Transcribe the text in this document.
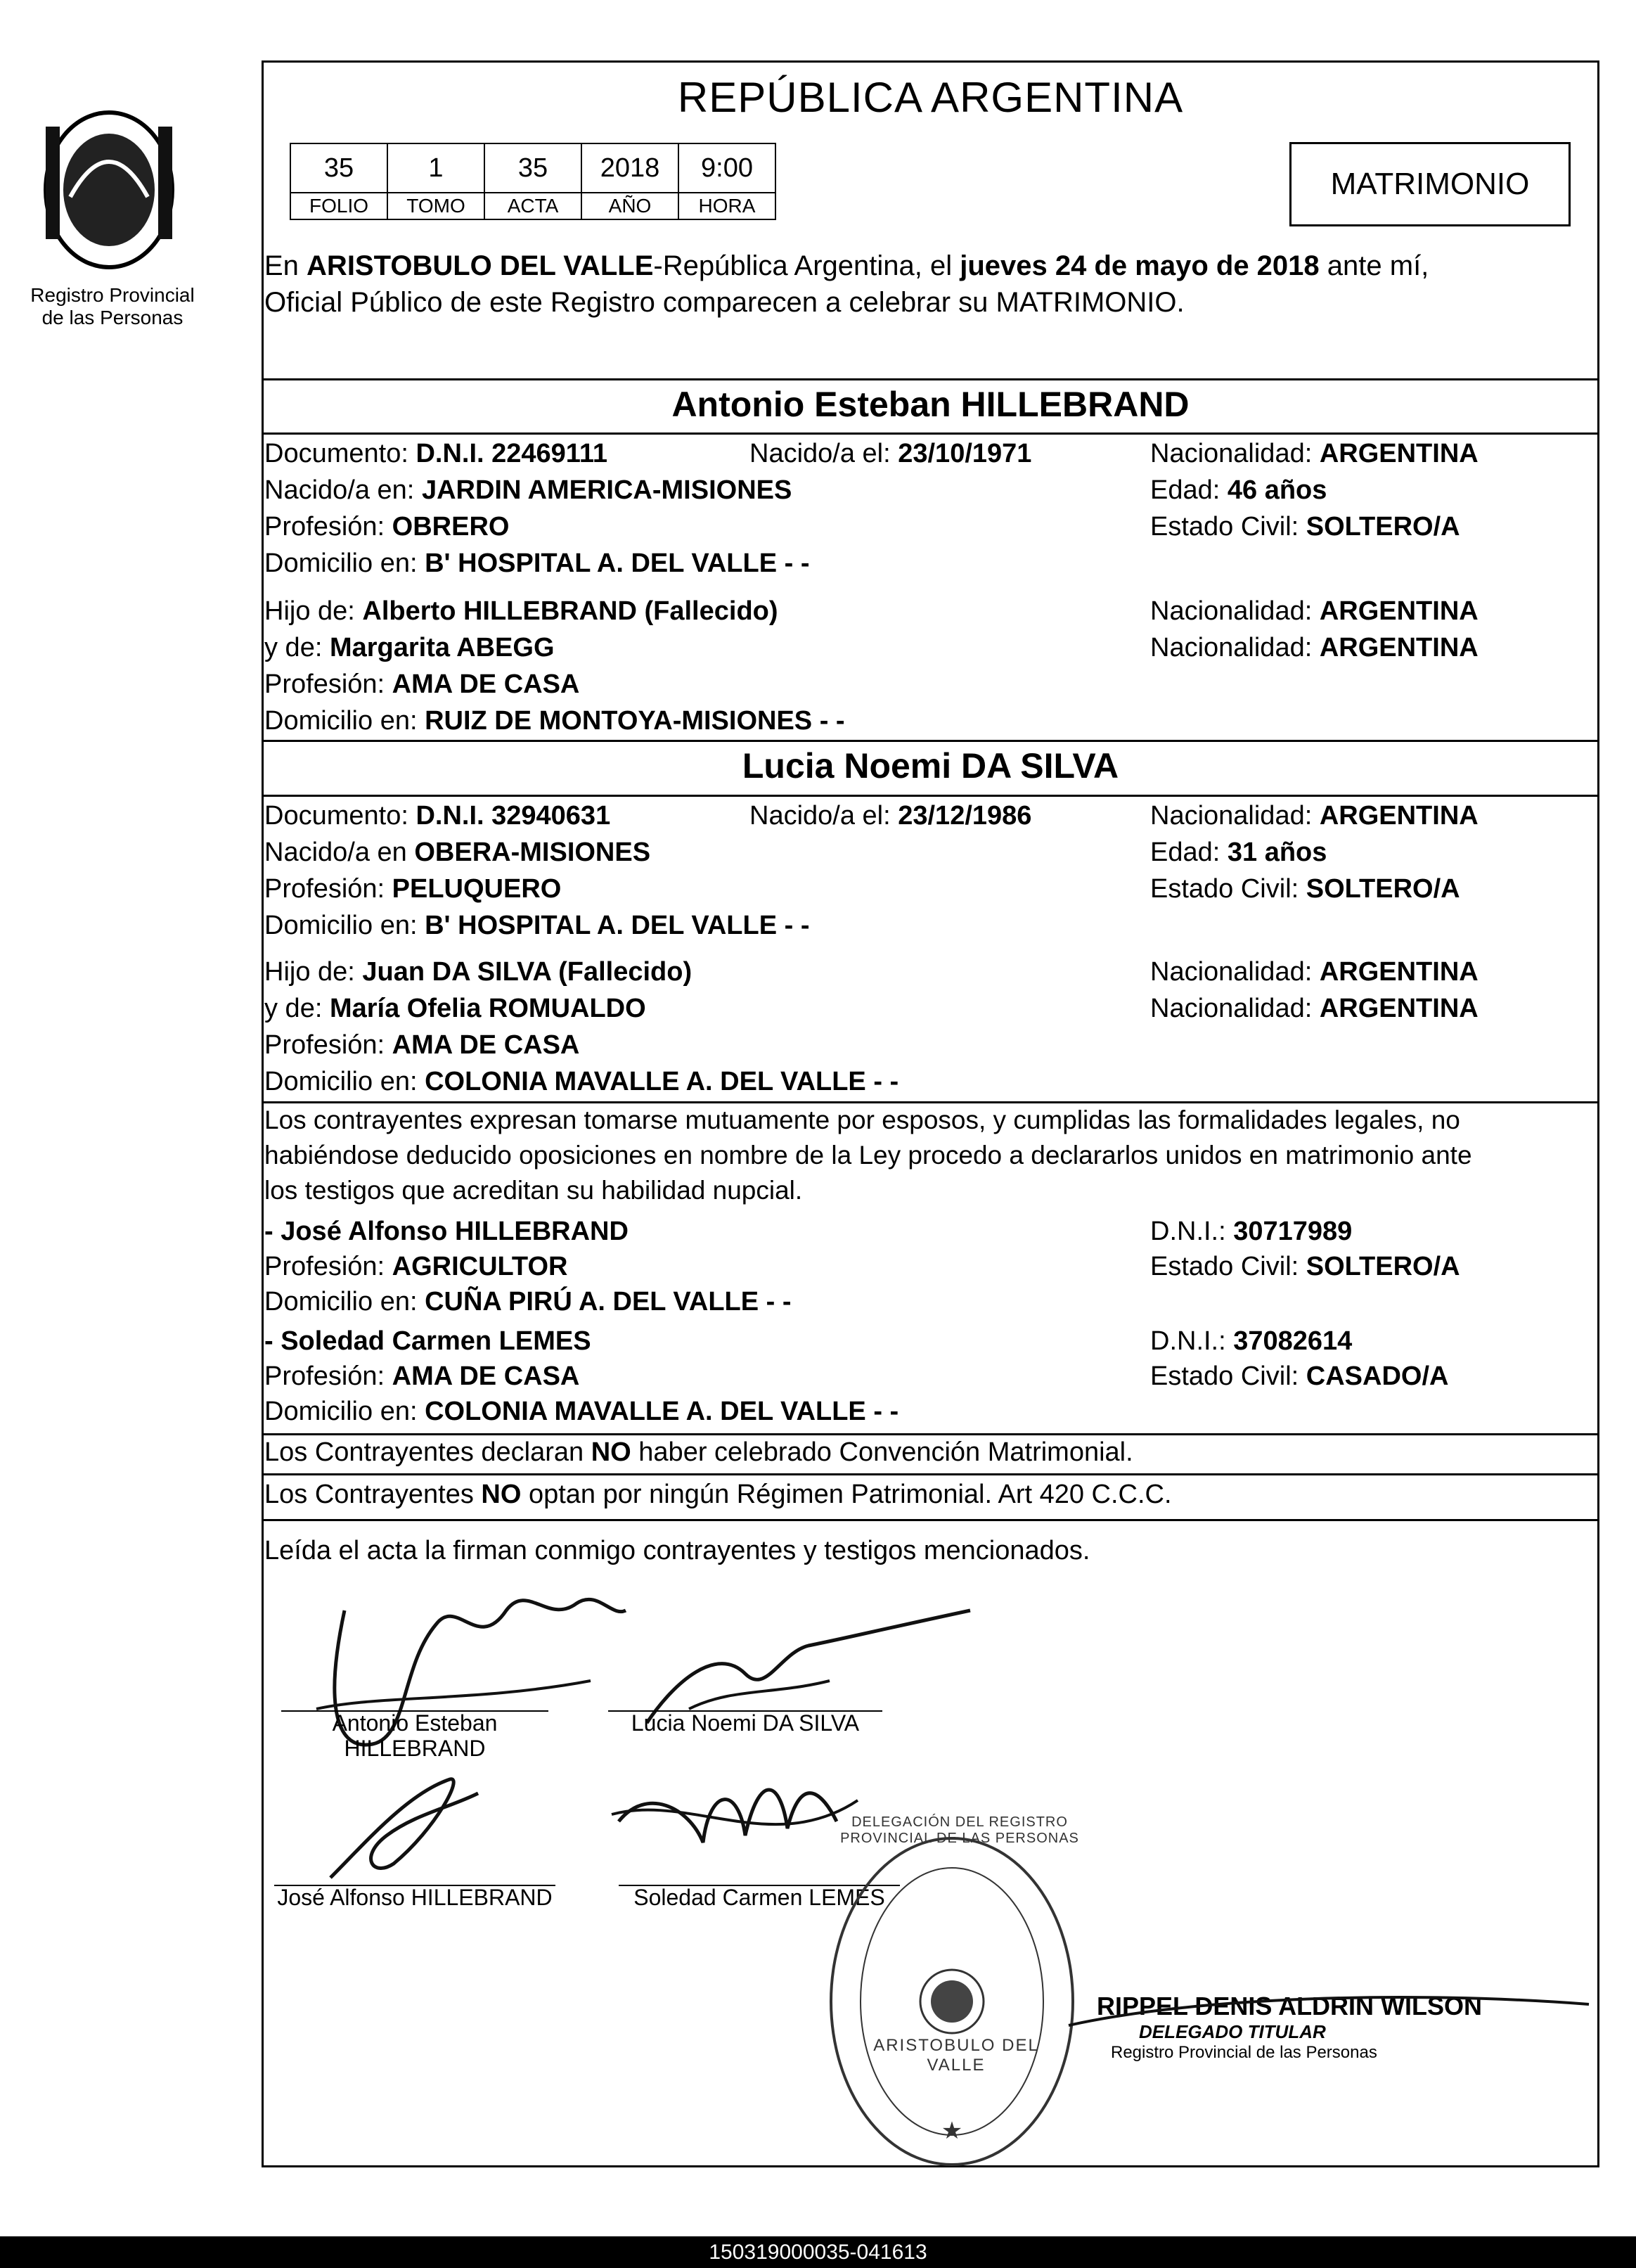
Registro Provincial
de las Personas
REPÚBLICA ARGENTINA
35	1	35	2018	9:00
FOLIO	TOMO	ACTA	AÑO	HORA
MATRIMONIO
En ARISTOBULO DEL VALLE-República Argentina, el jueves 24 de mayo de 2018 ante mí,
Oficial Público de este Registro comparecen a celebrar su MATRIMONIO.
Antonio Esteban HILLEBRAND
Documento: D.N.I. 22469111	Nacido/a el: 23/10/1971	Nacionalidad: ARGENTINA
Nacido/a en: JARDIN AMERICA-MISIONES	Edad: 46 años
Profesión: OBRERO	Estado Civil: SOLTERO/A
Domicilio en: B' HOSPITAL A. DEL VALLE - -
Hijo de: Alberto HILLEBRAND (Fallecido)	Nacionalidad: ARGENTINA
y de: Margarita ABEGG	Nacionalidad: ARGENTINA
Profesión: AMA DE CASA
Domicilio en: RUIZ DE MONTOYA-MISIONES - -
Lucia Noemi DA SILVA
Documento: D.N.I. 32940631	Nacido/a el: 23/12/1986	Nacionalidad: ARGENTINA
Nacido/a en OBERA-MISIONES	Edad: 31 años
Profesión: PELUQUERO	Estado Civil: SOLTERO/A
Domicilio en: B' HOSPITAL A. DEL VALLE - -
Hijo de: Juan DA SILVA (Fallecido)	Nacionalidad: ARGENTINA
y de: María Ofelia ROMUALDO	Nacionalidad: ARGENTINA
Profesión: AMA DE CASA
Domicilio en: COLONIA MAVALLE A. DEL VALLE - -
Los contrayentes expresan tomarse mutuamente por esposos, y cumplidas las formalidades legales, no
habiéndose deducido oposiciones en nombre de la Ley procedo a declararlos unidos en matrimonio ante
los testigos que acreditan su habilidad nupcial.
- José Alfonso HILLEBRAND	D.N.I.: 30717989
Profesión: AGRICULTOR	Estado Civil: SOLTERO/A
Domicilio en: CUÑA PIRÚ A. DEL VALLE - -
- Soledad Carmen LEMES	D.N.I.: 37082614
Profesión: AMA DE CASA	Estado Civil: CASADO/A
Domicilio en: COLONIA MAVALLE A. DEL VALLE - -
Los Contrayentes declaran NO haber celebrado Convención Matrimonial.
Los Contrayentes NO optan por ningún Régimen Patrimonial. Art 420 C.C.C.
Leída el acta la firman conmigo contrayentes y testigos mencionados.
Antonio Esteban
HILLEBRAND
Lucia Noemi DA SILVA
José Alfonso HILLEBRAND	Soledad Carmen LEMES
★
DELEGACIÓN DEL REGISTRO PROVINCIAL DE LAS PERSONAS
ARISTOBULO DEL VALLE
RIPPEL DENIS ALDRIN WILSON
DELEGADO TITULAR
Registro Provincial de las Personas
150319000035-041613
